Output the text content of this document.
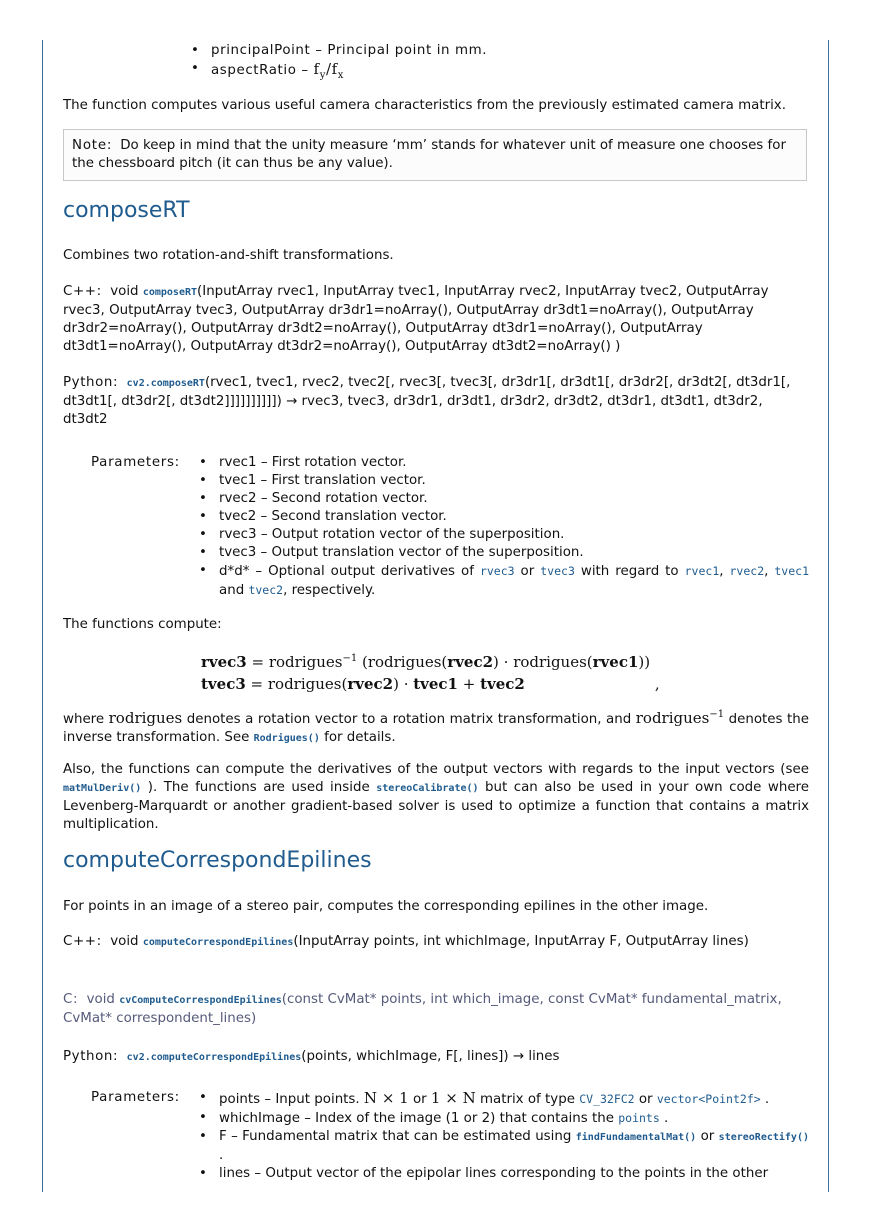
• principalPoint – Principal point in mm.
• aspectRatio – $f_y/f_x$

The function computes various useful camera characteristics from the previously estimated camera matrix.

Note: Do keep in mind that the unity measure ‘mm’ stands for whatever unit of measure one chooses for the chessboard pitch (it can thus be any value).
composeRT

Combines two rotation-and-shift transformations.

C++: void composeRT(InputArray rvec1, InputArray tvec1, InputArray rvec2, InputArray tvec2, OutputArray rvec3, OutputArray tvec3, OutputArray dr3dr1=noArray(), OutputArray dr3dt1=noArray(), OutputArray dr3dr2=noArray(), OutputArray dr3dt2=noArray(), OutputArray dt3dr1=noArray(), OutputArray dt3dt1=noArray(), OutputArray dt3dr2=noArray(), OutputArray dt3dt2=noArray() )

Python: cv2.composeRT(rvec1, tvec1, rvec2, tvec2[, rvec3[, tvec3[, dr3dr1[, dr3dt1[, dr3dr2[, dr3dt2[, dt3dr1[, dt3dt1[, dt3dr2[, dt3dt2]]]]]]]]]]) → rvec3, tvec3, dr3dr1, dr3dt1, dr3dr2, dr3dt2, dt3dr1, dt3dt1, dt3dr2, dt3dt2

Parameters:	• rvec1 – First rotation vector.
• tvec1 – First translation vector.
• rvec2 – Second rotation vector.
• tvec2 – Second translation vector.
• rvec3 – Output rotation vector of the superposition.
• tvec3 – Output translation vector of the superposition.
• d*d* – Optional output derivatives of rvec3 or tvec3 with regard to rvec1, rvec2, tvec1 and tvec2, respectively.

The functions compute:

rvec3 = rodrigues$^{-1}$ (rodrigues(rvec2) · rodrigues(rvec1))
tvec3 = rodrigues(rvec2) · tvec1 + tvec2	,

where rodrigues denotes a rotation vector to a rotation matrix transformation, and rodrigues$^{-1}$ denotes the inverse transformation. See Rodrigues() for details.

Also, the functions can compute the derivatives of the output vectors with regards to the input vectors (see matMulDeriv() ). The functions are used inside stereoCalibrate() but can also be used in your own code where Levenberg-Marquardt or another gradient-based solver is used to optimize a function that contains a matrix multiplication.

computeCorrespondEpilines

For points in an image of a stereo pair, computes the corresponding epilines in the other image.

C++: void computeCorrespondEpilines(InputArray points, int whichImage, InputArray F, OutputArray lines)

C: void cvComputeCorrespondEpilines(const CvMat* points, int which_image, const CvMat* fundamental_matrix, CvMat* correspondent_lines)

Python: cv2.computeCorrespondEpilines(points, whichImage, F[, lines]) → lines

Parameters:	• points – Input points. N × 1 or 1 × N matrix of type CV_32FC2 or vector<Point2f> .
• whichImage – Index of the image (1 or 2) that contains the points .
• F – Fundamental matrix that can be estimated using findFundamentalMat() or stereoRectify() .
• lines – Output vector of the epipolar lines corresponding to the points in the other
